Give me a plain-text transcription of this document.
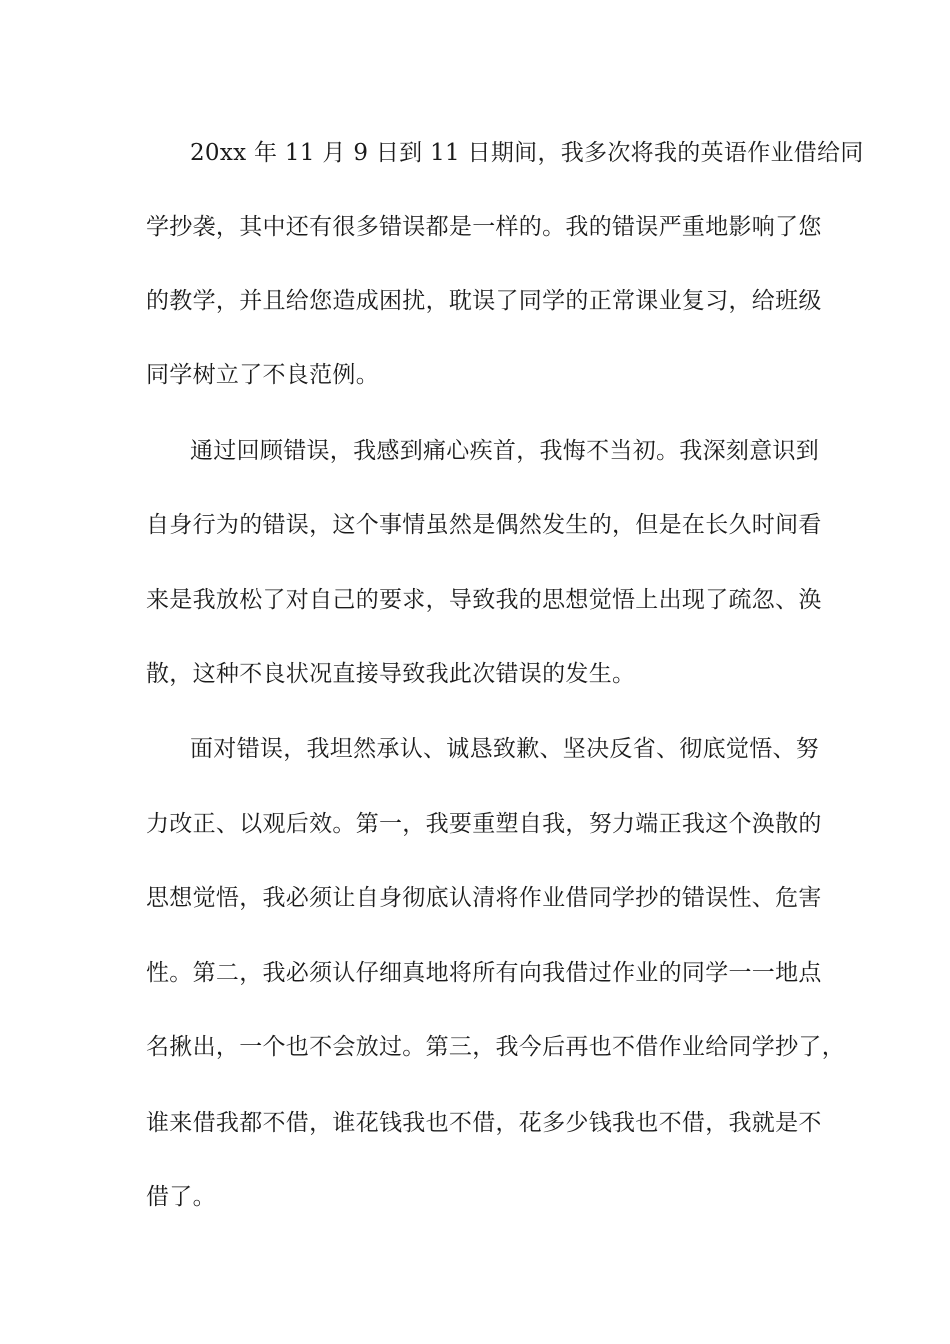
20xx 年 11 月 9 日到 11 日期间，我多次将我的英语作业借给同
学抄袭，其中还有很多错误都是一样的。我的错误严重地影响了您
的教学，并且给您造成困扰，耽误了同学的正常课业复习，给班级
同学树立了不良范例。
通过回顾错误，我感到痛心疾首，我悔不当初。我深刻意识到
自身行为的错误，这个事情虽然是偶然发生的，但是在长久时间看
来是我放松了对自己的要求，导致我的思想觉悟上出现了疏忽、涣
散，这种不良状况直接导致我此次错误的发生。
面对错误，我坦然承认、诚恳致歉、坚决反省、彻底觉悟、努
力改正、以观后效。第一，我要重塑自我，努力端正我这个涣散的
思想觉悟，我必须让自身彻底认清将作业借同学抄的错误性、危害
性。第二，我必须认仔细真地将所有向我借过作业的同学一一地点
名揪出，一个也不会放过。第三，我今后再也不借作业给同学抄了，
谁来借我都不借，谁花钱我也不借，花多少钱我也不借，我就是不
借了。
